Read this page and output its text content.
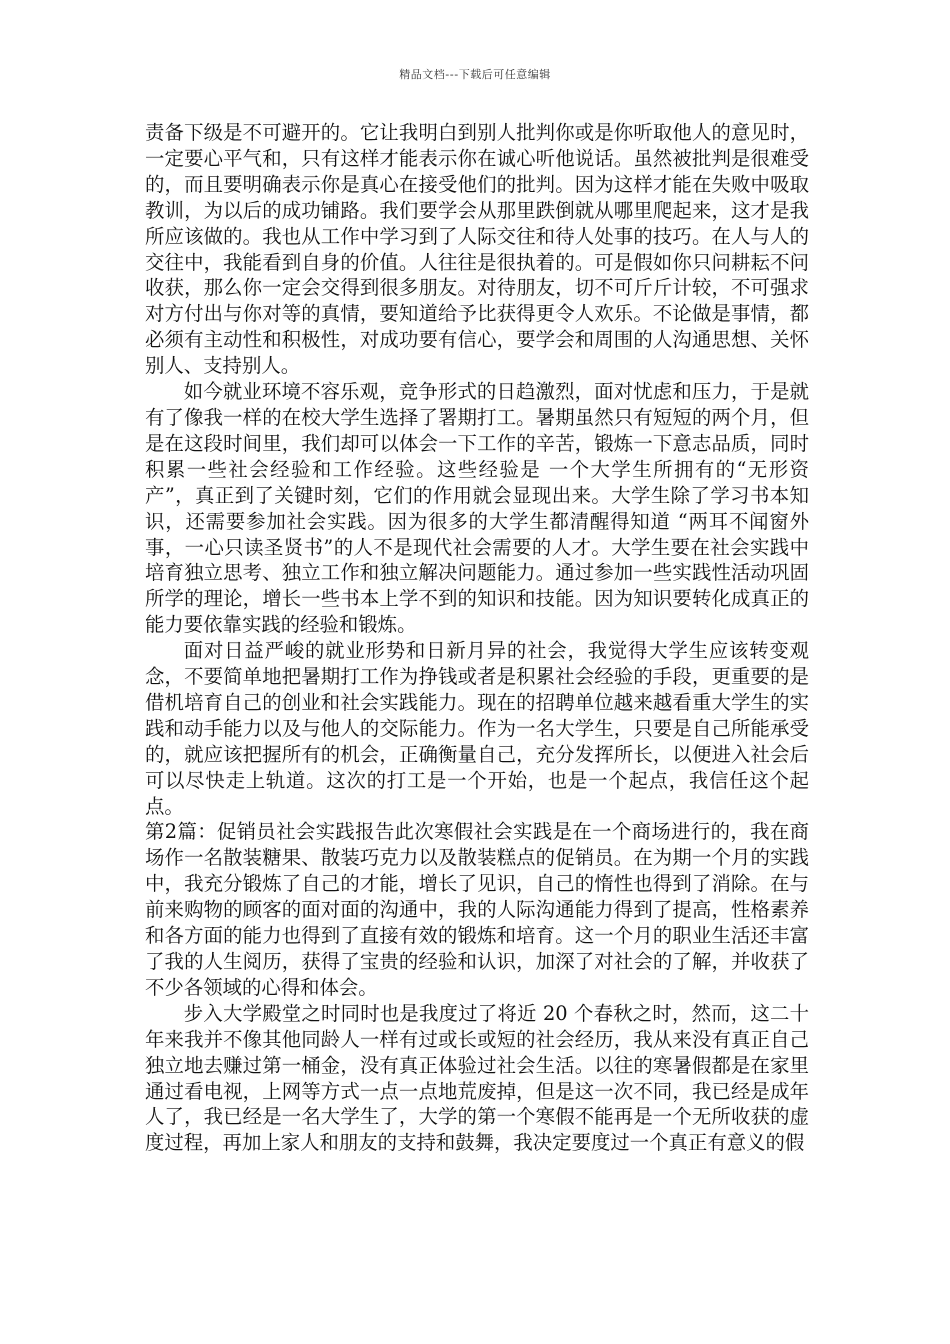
精品文档---下载后可任意编辑

责备下级是不可避开的。它让我明白到别人批判你或是你听取他人的意见时，一定要心平气和，只有这样才能表示你在诚心听他说话。虽然被批判是很难受的，而且要明确表示你是真心在接受他们的批判。因为这样才能在失败中吸取教训，为以后的成功铺路。我们要学会从那里跌倒就从哪里爬起来，这才是我所应该做的。我也从工作中学习到了人际交往和待人处事的技巧。在人与人的交往中，我能看到自身的价值。人往往是很执着的。可是假如你只问耕耘不问收获，那么你一定会交得到很多朋友。对待朋友，切不可斤斤计较，不可强求对方付出与你对等的真情，要知道给予比获得更令人欢乐。不论做是事情，都必须有主动性和积极性，对成功要有信心，要学会和周围的人沟通思想、关怀别人、支持别人。

如今就业环境不容乐观，竞争形式的日趋激烈，面对忧虑和压力，于是就有了像我一样的在校大学生选择了署期打工。暑期虽然只有短短的两个月，但是在这段时间里，我们却可以体会一下工作的辛苦，锻炼一下意志品质，同时积累一些社会经验和工作经验。这些经验是 一个大学生所拥有的“无形资产”，真正到了关键时刻，它们的作用就会显现出来。大学生除了学习书本知识，还需要参加社会实践。因为很多的大学生都清醒得知道 “两耳不闻窗外事，一心只读圣贤书”的人不是现代社会需要的人才。大学生要在社会实践中培育独立思考、独立工作和独立解决问题能力。通过参加一些实践性活动巩固所学的理论，增长一些书本上学不到的知识和技能。因为知识要转化成真正的能力要依靠实践的经验和锻炼。

面对日益严峻的就业形势和日新月异的社会，我觉得大学生应该转变观念，不要简单地把暑期打工作为挣钱或者是积累社会经验的手段，更重要的是借机培育自己的创业和社会实践能力。现在的招聘单位越来越看重大学生的实践和动手能力以及与他人的交际能力。作为一名大学生，只要是自己所能承受的，就应该把握所有的机会，正确衡量自己，充分发挥所长，以便进入社会后可以尽快走上轨道。这次的打工是一个开始，也是一个起点，我信任这个起点。

第2篇：促销员社会实践报告此次寒假社会实践是在一个商场进行的，我在商场作一名散装糖果、散装巧克力以及散装糕点的促销员。在为期一个月的实践中，我充分锻炼了自己的才能，增长了见识，自己的惰性也得到了消除。在与前来购物的顾客的面对面的沟通中，我的人际沟通能力得到了提高，性格素养和各方面的能力也得到了直接有效的锻炼和培育。这一个月的职业生活还丰富了我的人生阅历，获得了宝贵的经验和认识，加深了对社会的了解，并收获了不少各领域的心得和体会。

步入大学殿堂之时同时也是我度过了将近 20 个春秋之时，然而，这二十年来我并不像其他同龄人一样有过或长或短的社会经历，我从来没有真正自己独立地去赚过第一桶金，没有真正体验过社会生活。以往的寒暑假都是在家里通过看电视，上网等方式一点一点地荒废掉，但是这一次不同，我已经是成年人了，我已经是一名大学生了，大学的第一个寒假不能再是一个无所收获的虚度过程，再加上家人和朋友的支持和鼓舞，我决定要度过一个真正有意义的假
